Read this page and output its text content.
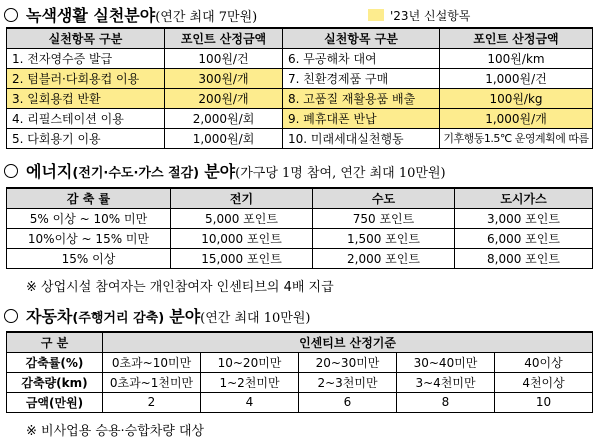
녹색생활 실천분야(연간 최대 7만원)	'23년 신설항목
실천항목 구분	포인트 산정금액	실천항목 구분	포인트 산정금액
1. 전자영수증 발급	100원/건	6. 무공해차 대여	100원/km
2. 텀블러·다회용컵 이용	300원/개	7. 친환경제품 구매	1,000원/건
3. 일회용컵 반환	200원/개	8. 고품질 재활용품 배출	100원/kg
4. 리필스테이션 이용	2,000원/회	9. 폐휴대폰 반납	1,000원/개
5. 다회용기 이용	1,000원/회	10. 미래세대실천행동	기후행동1.5℃ 운영계획에 따름
에너지(전기·수도·가스 절감) 분야(가구당 1명 참여, 연간 최대 10만원)
감 축 률	전기	수도	도시가스
5% 이상 ~ 10% 미만	5,000 포인트	750 포인트	3,000 포인트
10%이상 ~ 15% 미만	10,000 포인트	1,500 포인트	6,000 포인트
15% 이상	15,000 포인트	2,000 포인트	8,000 포인트
※ 상업시설 참여자는 개인참여자 인센티브의 4배 지급
자동차(주행거리 감축) 분야(연간 최대 10만원)
구 분	인센티브 산정기준				
감축률(%)	0초과~10미만	10~20미만	20~30미만	30~40미만	40이상
감축량(km)	0초과~1천미만	1~2천미만	2~3천미만	3~4천미만	4천이상
금액(만원)	2	4	6	8	10
※ 비사업용 승용·승합차량 대상
